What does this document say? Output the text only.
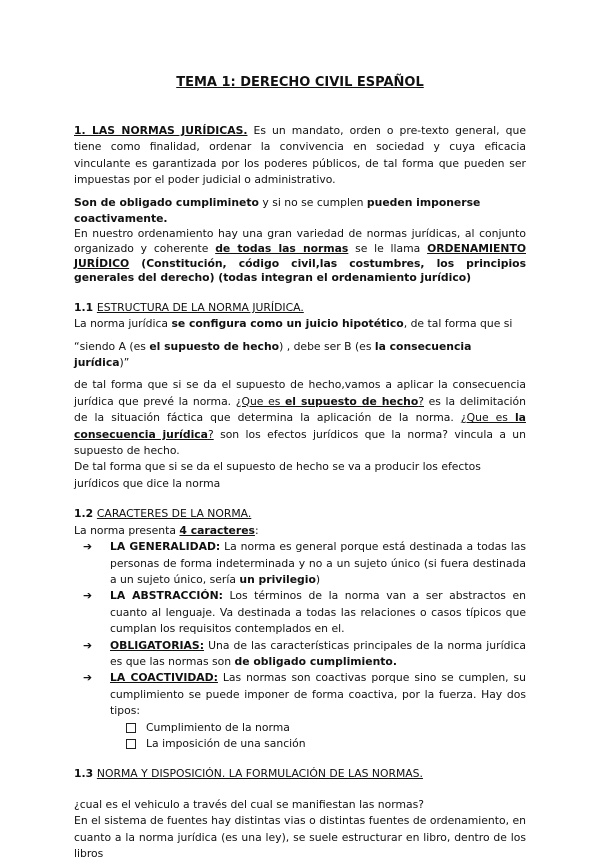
TEMA 1: DERECHO CIVIL ESPAÑOL

1. LAS NORMAS JURÍDICAS. Es un mandato, orden o pre-texto general, que tiene como finalidad, ordenar la convivencia en sociedad y cuya eficacia vinculante es garantizada por los poderes públicos, de tal forma que pueden ser impuestas por el poder judicial o administrativo.

Son de obligado cumplimineto y si no se cumplen pueden imponerse coactivamente.

En nuestro ordenamiento hay una gran variedad de normas jurídicas, al conjunto organizado y coherente de todas las normas se le llama ORDENAMIENTO JURÍDICO (Constitución, código civil,las costumbres, los principios generales del derecho) (todas integran el ordenamiento jurídico)

1.1 ESTRUCTURA DE LA NORMA JURÍDICA.

La norma jurídica se configura como un juicio hipotético, de tal forma que si

“siendo A (es el supuesto de hecho) , debe ser B (es la consecuencia jurídica)”

de tal forma que si se da el supuesto de hecho,vamos a aplicar la consecuencia jurídica que prevé la norma. ¿Que es el supuesto de hecho? es la delimitación de la situación fáctica que determina la aplicación de la norma. ¿Que es la consecuencia jurídica? son los efectos jurídicos que la norma? vincula a un supuesto de hecho.

De tal forma que si se da el supuesto de hecho se va a producir los efectos jurídicos que dice la norma

1.2 CARACTERES DE LA NORMA.

La norma presenta 4 caracteres:

➔ LA GENERALIDAD: La norma es general porque está destinada a todas las personas de forma indeterminada y no a un sujeto único (si fuera destinada a un sujeto único, sería un privilegio)
➔ LA ABSTRACCIÓN: Los términos de la norma van a ser abstractos en cuanto al lenguaje. Va destinada a todas las relaciones o casos típicos que cumplan los requisitos contemplados en el.
➔ OBLIGATORIAS: Una de las características principales de la norma jurídica es que las normas son de obligado cumplimiento.
➔ LA COACTIVIDAD: Las normas son coactivas porque sino se cumplen, su cumplimiento se puede imponer de forma coactiva, por la fuerza. Hay dos tipos:
Cumplimiento de la norma
La imposición de una sanción

1.3 NORMA Y DISPOSICIÓN. LA FORMULACIÓN DE LAS NORMAS.

¿cual es el vehiculo a través del cual se manifiestan las normas?

En el sistema de fuentes hay distintas vias o distintas fuentes de ordenamiento, en cuanto a la norma jurídica (es una ley), se suele estructurar en libro, dentro de los libros
